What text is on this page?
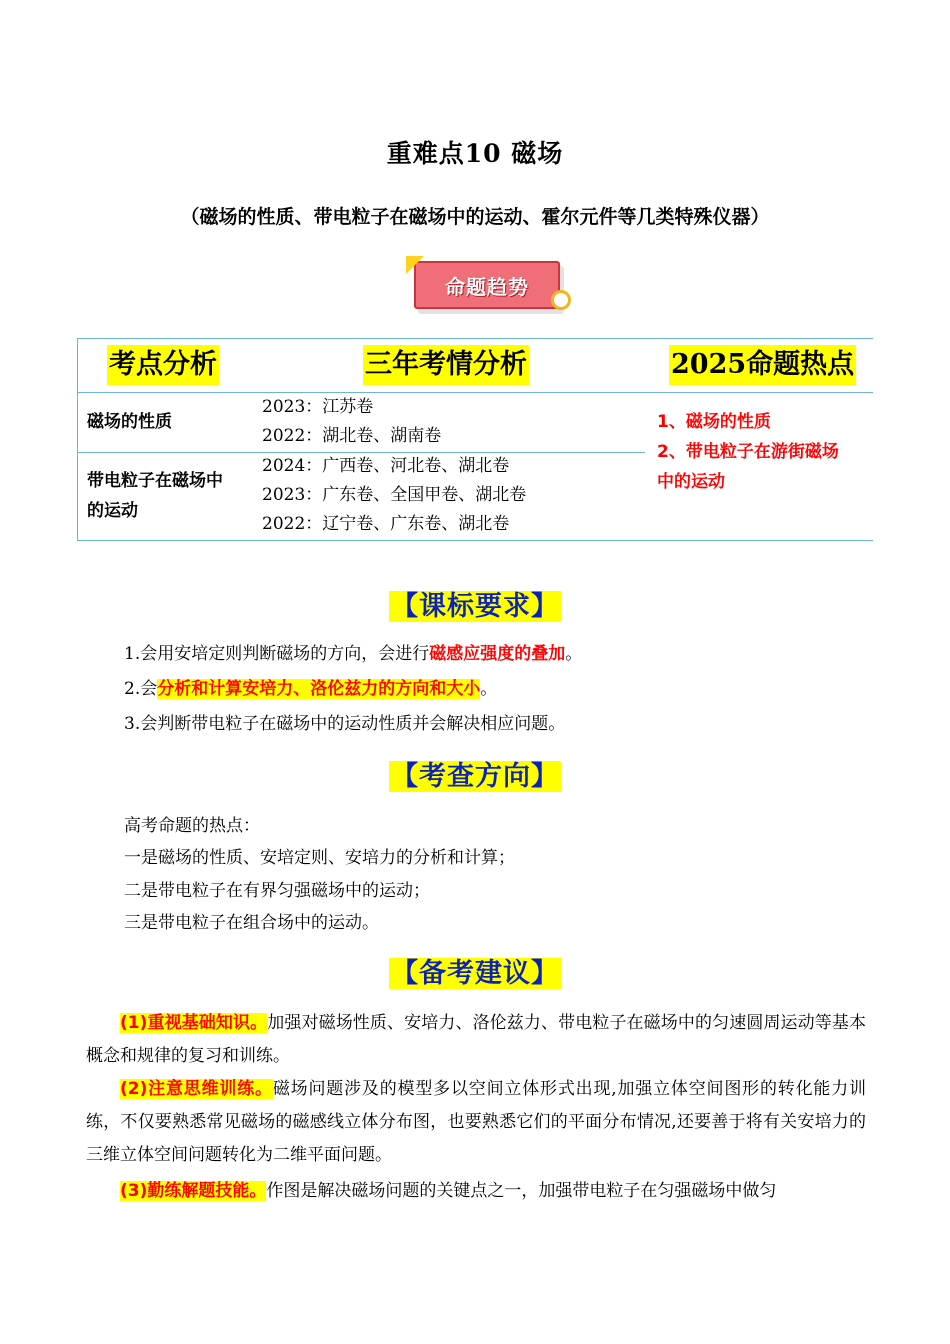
重难点10 磁场
（磁场的性质、带电粒子在磁场中的运动、霍尔元件等几类特殊仪器）
命题趋势
考点分析	三年考情分析	2025命题热点
磁场的性质
2023：江苏卷
2022：湖北卷、湖南卷
带电粒子在磁场中
的运动
2024：广西卷、河北卷、湖北卷
2023：广东卷、全国甲卷、湖北卷
2022：辽宁卷、广东卷、湖北卷
1、磁场的性质
2、带电粒子在游街磁场
中的运动
【课标要求】
1.会用安培定则判断磁场的方向，会进行磁感应强度的叠加。
2.会分析和计算安培力、洛伦兹力的方向和大小。
3.会判断带电粒子在磁场中的运动性质并会解决相应问题。
【考查方向】
高考命题的热点：
一是磁场的性质、安培定则、安培力的分析和计算；
二是带电粒子在有界匀强磁场中的运动；
三是带电粒子在组合场中的运动。
【备考建议】
(1)重视基础知识。加强对磁场性质、安培力、洛伦兹力、带电粒子在磁场中的匀速圆周运动等基本概念和规律的复习和训练。
(2)注意思维训练。磁场问题涉及的模型多以空间立体形式出现,加强立体空间图形的转化能力训练，不仅要熟悉常见磁场的磁感线立体分布图，也要熟悉它们的平面分布情况,还要善于将有关安培力的三维立体空间问题转化为二维平面问题。
(3)勤练解题技能。作图是解决磁场问题的关键点之一，加强带电粒子在匀强磁场中做匀
